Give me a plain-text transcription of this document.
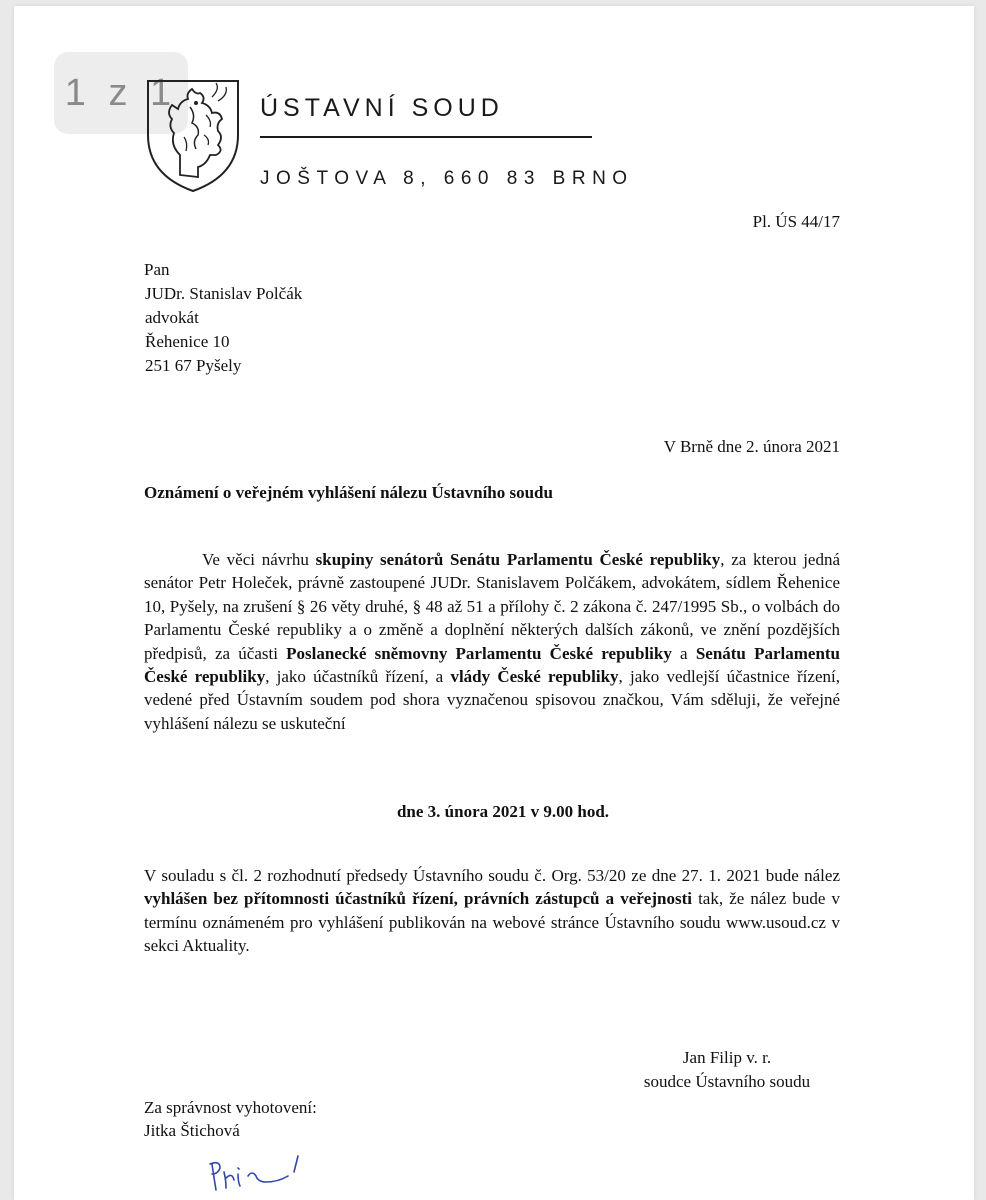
1 z 1	ÚSTAVNÍ SOUD
JOŠTOVA 8, 660 83 BRNO
Pl. ÚS 44/17
Pan
JUDr. Stanislav Polčák
advokát
Řehenice 10
251 67 Pyšely
V Brně dne 2. února 2021
Oznámení o veřejném vyhlášení nálezu Ústavního soudu
Ve věci návrhu skupiny senátorů Senátu Parlamentu České republiky, za kterou jedná senátor Petr Holeček, právně zastoupené JUDr. Stanislavem Polčákem, advokátem, sídlem Řehenice 10, Pyšely, na zrušení § 26 věty druhé, § 48 až 51 a přílohy č. 2 zákona č. 247/1995 Sb., o volbách do Parlamentu České republiky a o změně a doplnění některých dalších zákonů, ve znění pozdějších předpisů, za účasti Poslanecké sněmovny Parlamentu České republiky a Senátu Parlamentu České republiky, jako účastníků řízení, a vlády České republiky, jako vedlejší účastnice řízení, vedené před Ústavním soudem pod shora vyznačenou spisovou značkou, Vám sděluji, že veřejné vyhlášení nálezu se uskuteční
dne 3. února 2021 v 9.00 hod.
V souladu s čl. 2 rozhodnutí předsedy Ústavního soudu č. Org. 53/20 ze dne 27. 1. 2021 bude nález vyhlášen bez přítomnosti účastníků řízení, právních zástupců a veřejnosti tak, že nález bude v termínu oznámeném pro vyhlášení publikován na webové stránce Ústavního soudu www.usoud.cz v sekci Aktuality.
Jan Filip v. r.
soudce Ústavního soudu
Za správnost vyhotovení:
Jitka Štichová
